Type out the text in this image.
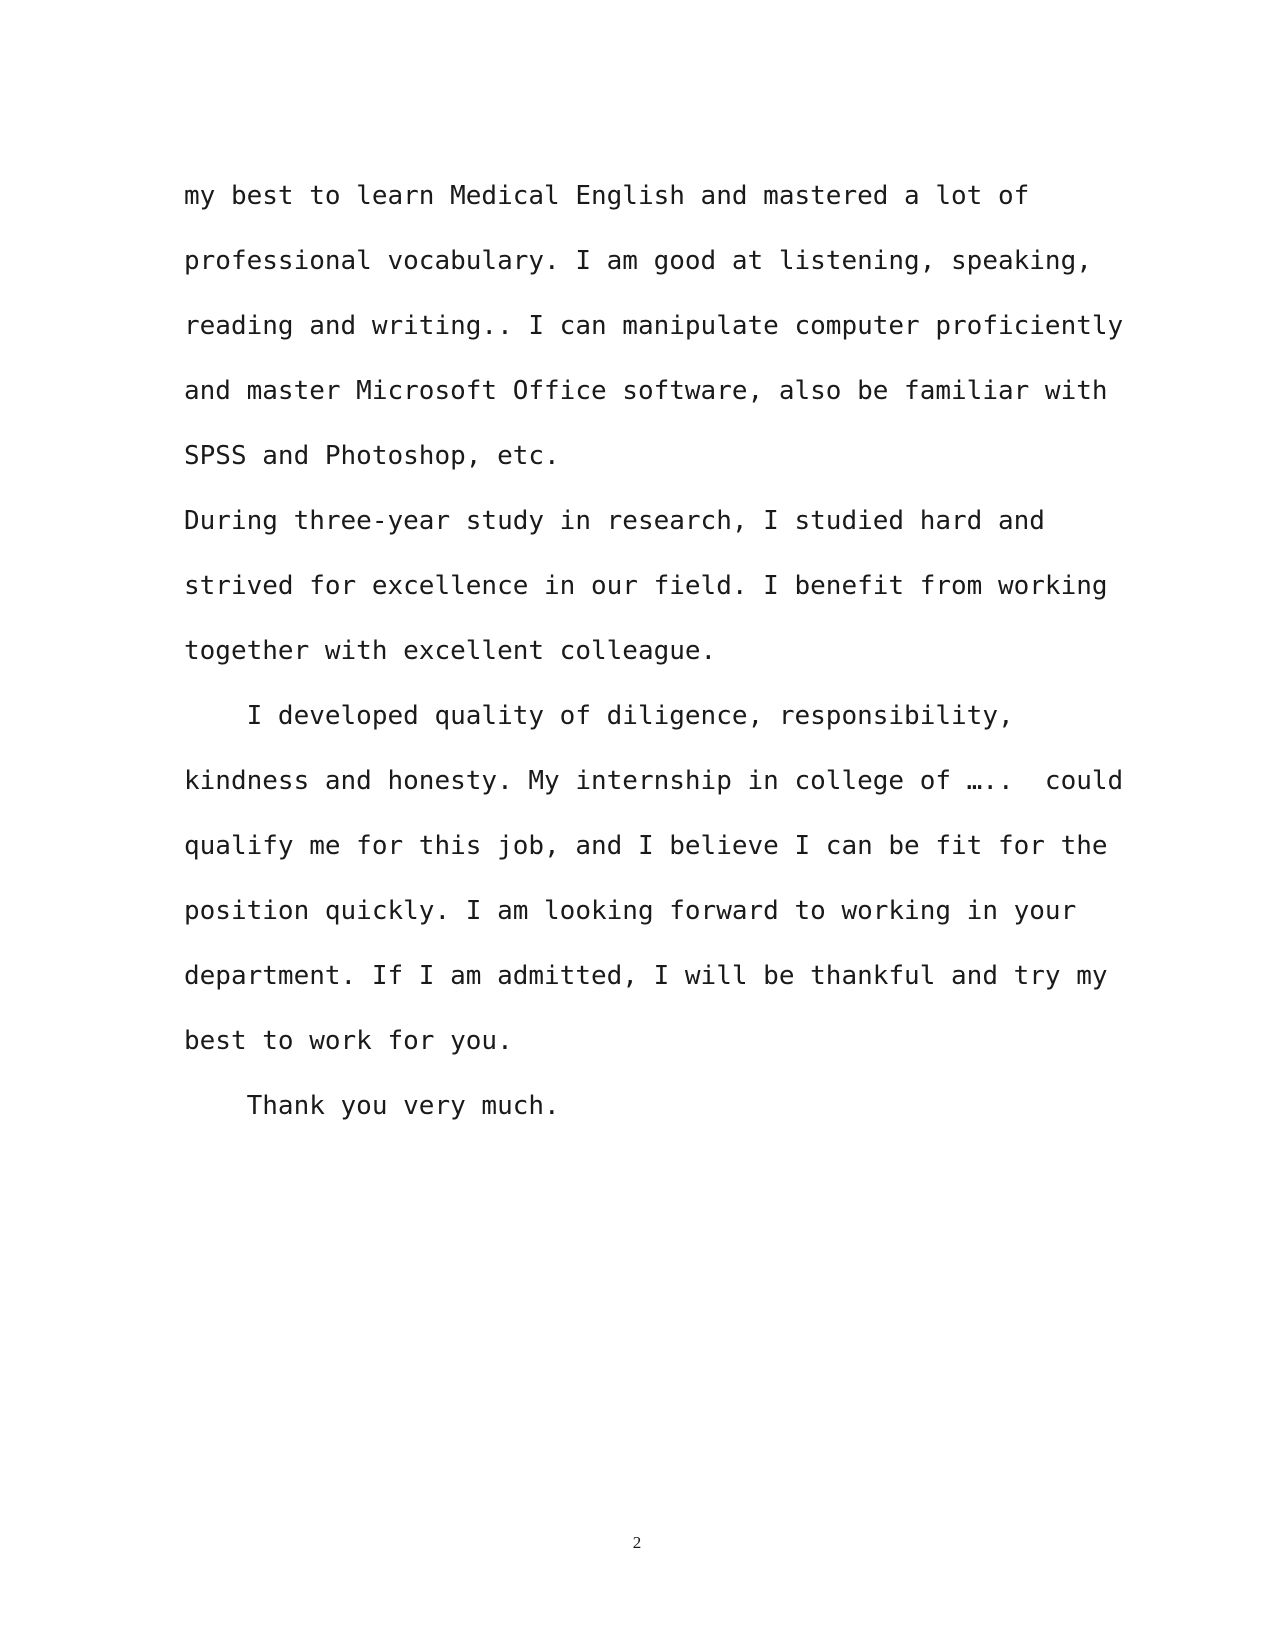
my best to learn Medical English and mastered a lot of
professional vocabulary. I am good at listening, speaking,
reading and writing.. I can manipulate computer proficiently
and master Microsoft Office software, also be familiar with
SPSS and Photoshop, etc.
During three-year study in research, I studied hard and
strived for excellence in our field. I benefit from working
together with excellent colleague.
I developed quality of diligence, responsibility,
kindness and honesty. My internship in college of …..  could
qualify me for this job, and I believe I can be fit for the
position quickly. I am looking forward to working in your
department. If I am admitted, I will be thankful and try my
best to work for you.
Thank you very much.
2
